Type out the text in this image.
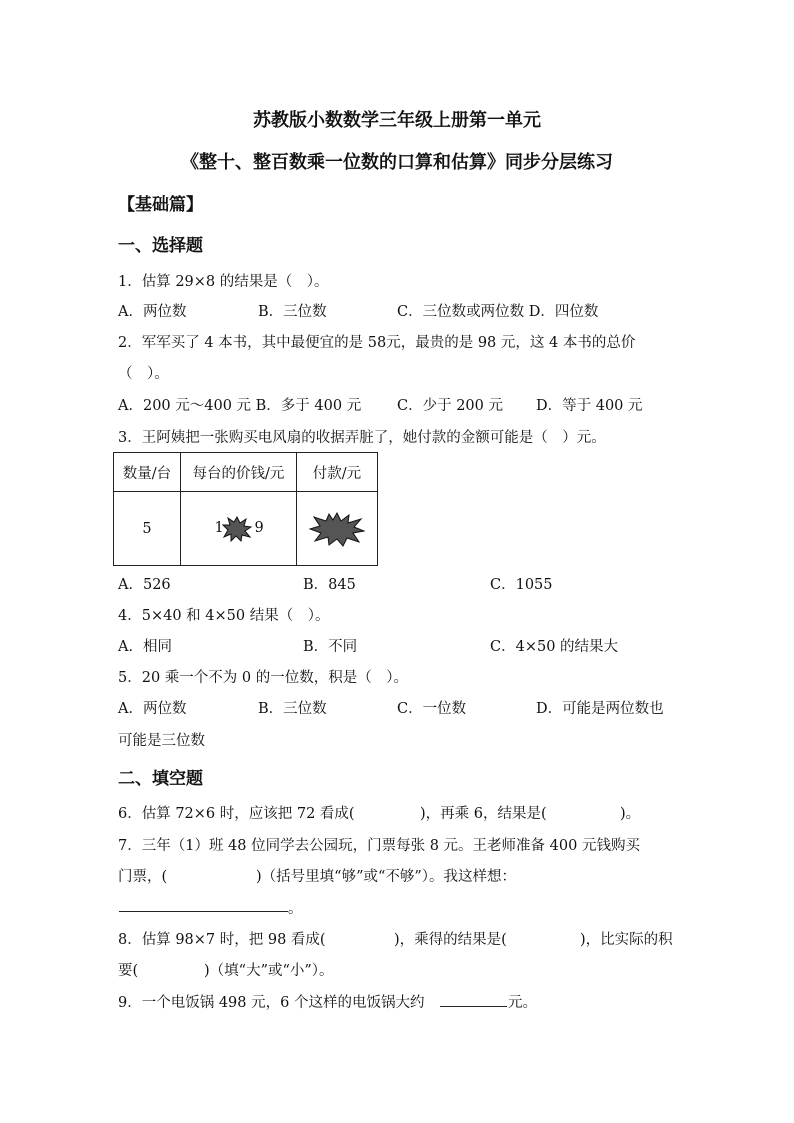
苏教版小数数学三年级上册第一单元
《整十、整百数乘一位数的口算和估算》同步分层练习
【基础篇】
一、选择题
1．估算 29×8 的结果是（　）。
A．两位数	B．三位数	C．三位数或两位数 D．四位数
2．军军买了 4 本书，其中最便宜的是 58元，最贵的是 98 元，这 4 本书的总价
（　）。
A．200 元～400 元 B．多于 400 元 C．少于 200 元 D．等于 400 元
3．王阿姨把一张购买电风扇的收据弄脏了，她付款的金额可能是（　）元。
数量/台	每台的价钱/元	付款/元
5	1 9

A．526	B．845	C．1055
4．5×40 和 4×50 结果（　）。
A．相同	B．不同	C．4×50 的结果大
5．20 乘一个不为 0 的一位数，积是（　）。
A．两位数	B．三位数	C．一位数	D．可能是两位数也
可能是三位数
二、填空题
6．估算 72×6 时，应该把 72 看成(	)，再乘 6，结果是(	)。
7．三年（1）班 48 位同学去公园玩，门票每张 8 元。王老师准备 400 元钱购买
门票，(	)（括号里填“够”或“不够”）。我这样想：
。
8．估算 98×7 时，把 98 看成(	)，乘得的结果是(	)，比实际的积
要(	)（填“大”或“小”）。
9．一个电饭锅 498 元，6 个这样的电饭锅大约	元。
